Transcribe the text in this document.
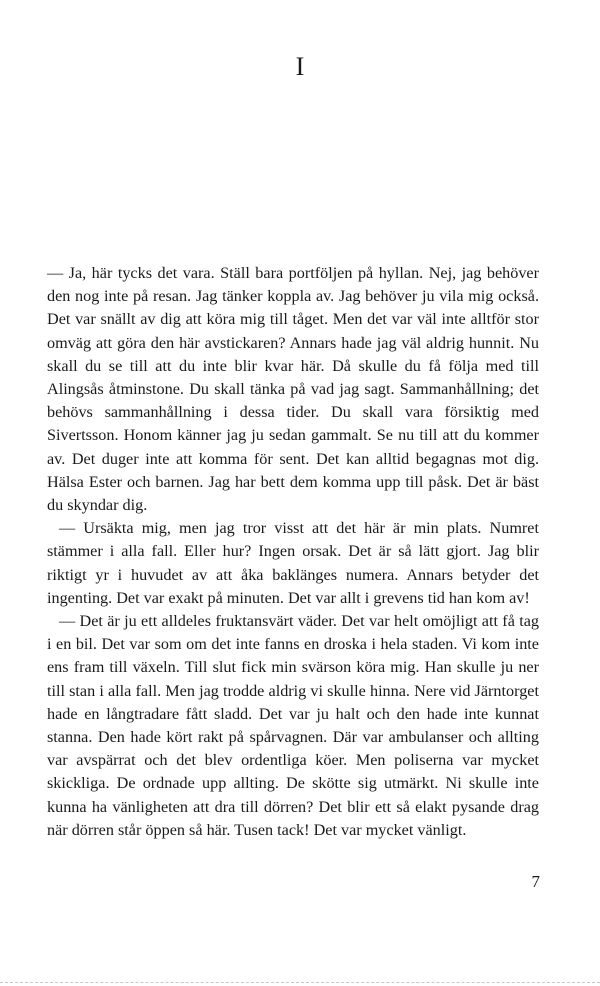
I

— Ja, här tycks det vara. Ställ bara portföljen på hyllan. Nej, jag behöver den nog inte på resan. Jag tänker koppla av. Jag behöver ju vila mig också. Det var snällt av dig att köra mig till tåget. Men det var väl inte alltför stor omväg att göra den här avstickaren? Annars hade jag väl aldrig hunnit. Nu skall du se till att du inte blir kvar här. Då skulle du få följa med till Alingsås åtminstone. Du skall tänka på vad jag sagt. Sammanhållning; det behövs sammanhållning i dessa tider. Du skall vara försiktig med Sivertsson. Honom känner jag ju sedan gammalt. Se nu till att du kommer av. Det duger inte att komma för sent. Det kan alltid begagnas mot dig. Hälsa Ester och barnen. Jag har bett dem komma upp till påsk. Det är bäst du skyndar dig.

— Ursäkta mig, men jag tror visst att det här är min plats. Numret stämmer i alla fall. Eller hur? Ingen orsak. Det är så lätt gjort. Jag blir riktigt yr i huvudet av att åka baklänges numera. Annars betyder det ingenting. Det var exakt på minuten. Det var allt i grevens tid han kom av!

— Det är ju ett alldeles fruktansvärt väder. Det var helt omöjligt att få tag i en bil. Det var som om det inte fanns en droska i hela staden. Vi kom inte ens fram till växeln. Till slut fick min svärson köra mig. Han skulle ju ner till stan i alla fall. Men jag trodde aldrig vi skulle hinna. Nere vid Järntorget hade en långtradare fått sladd. Det var ju halt och den hade inte kunnat stanna. Den hade kört rakt på spårvagnen. Där var ambulanser och allting var avspärrat och det blev ordentliga köer. Men poliserna var mycket skickliga. De ordnade upp allting. De skötte sig utmärkt. Ni skulle inte kunna ha vänligheten att dra till dörren? Det blir ett så elakt pysande drag när dörren står öppen så här. Tusen tack! Det var mycket vänligt.

7
